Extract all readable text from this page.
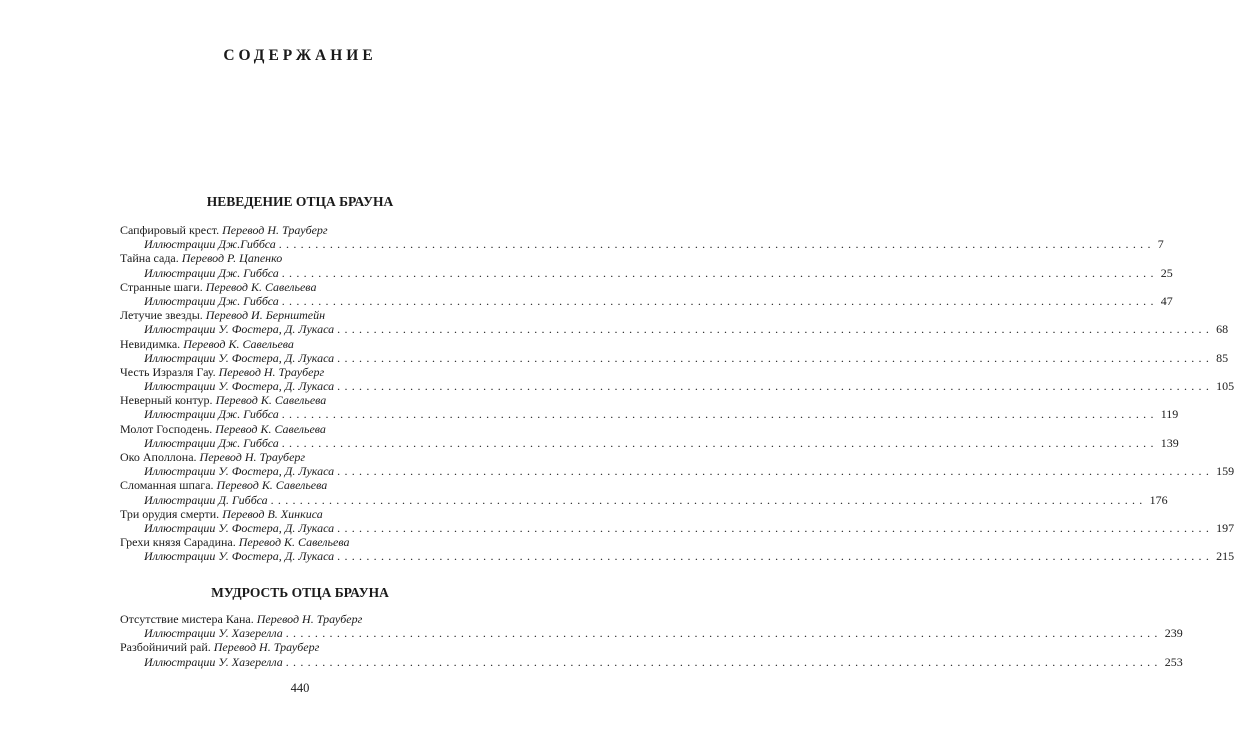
СОДЕРЖАНИЕ
НЕВЕДЕНИЕ ОТЦА БРАУНА
Сапфировый крест. Перевод Н. Трауберг
Иллюстрации Дж.Гиббса ........................................................................................................................ 7
Тайна сада. Перевод Р. Цапенко
Иллюстрации Дж. Гиббса ........................................................................................................................ 25
Странные шаги. Перевод К. Савельева
Иллюстрации Дж. Гиббса ........................................................................................................................ 47
Летучие звезды. Перевод И. Бернштейн
Иллюстрации У. Фостера, Д. Лукаса ........................................................................................................................ 68
Невидимка. Перевод К. Савельева
Иллюстрации У. Фостера, Д. Лукаса ........................................................................................................................ 85
Честь Изразля Гау. Перевод Н. Трауберг
Иллюстрации У. Фостера, Д. Лукаса ........................................................................................................................ 105
Неверный контур. Перевод К. Савельева
Иллюстрации Дж. Гиббса ........................................................................................................................ 119
Молот Господень. Перевод К. Савельева
Иллюстрации Дж. Гиббса ........................................................................................................................ 139
Око Аполлона. Перевод Н. Трауберг
Иллюстрации У. Фостера, Д. Лукаса ........................................................................................................................ 159
Сломанная шпага. Перевод К. Савельева
Иллюстрации Д. Гиббса ........................................................................................................................ 176
Три орудия смерти. Перевод В. Хинкиса
Иллюстрации У. Фостера, Д. Лукаса ........................................................................................................................ 197
Грехи князя Сарадина. Перевод К. Савельева
Иллюстрации У. Фостера, Д. Лукаса ........................................................................................................................ 215
МУДРОСТЬ ОТЦА БРАУНА
Отсутствие мистера Кана. Перевод Н. Трауберг
Иллюстрации У. Хазерелла ........................................................................................................................ 239
Разбойничий рай. Перевод Н. Трауберг
Иллюстрации У. Хазерелла ........................................................................................................................ 253
440
